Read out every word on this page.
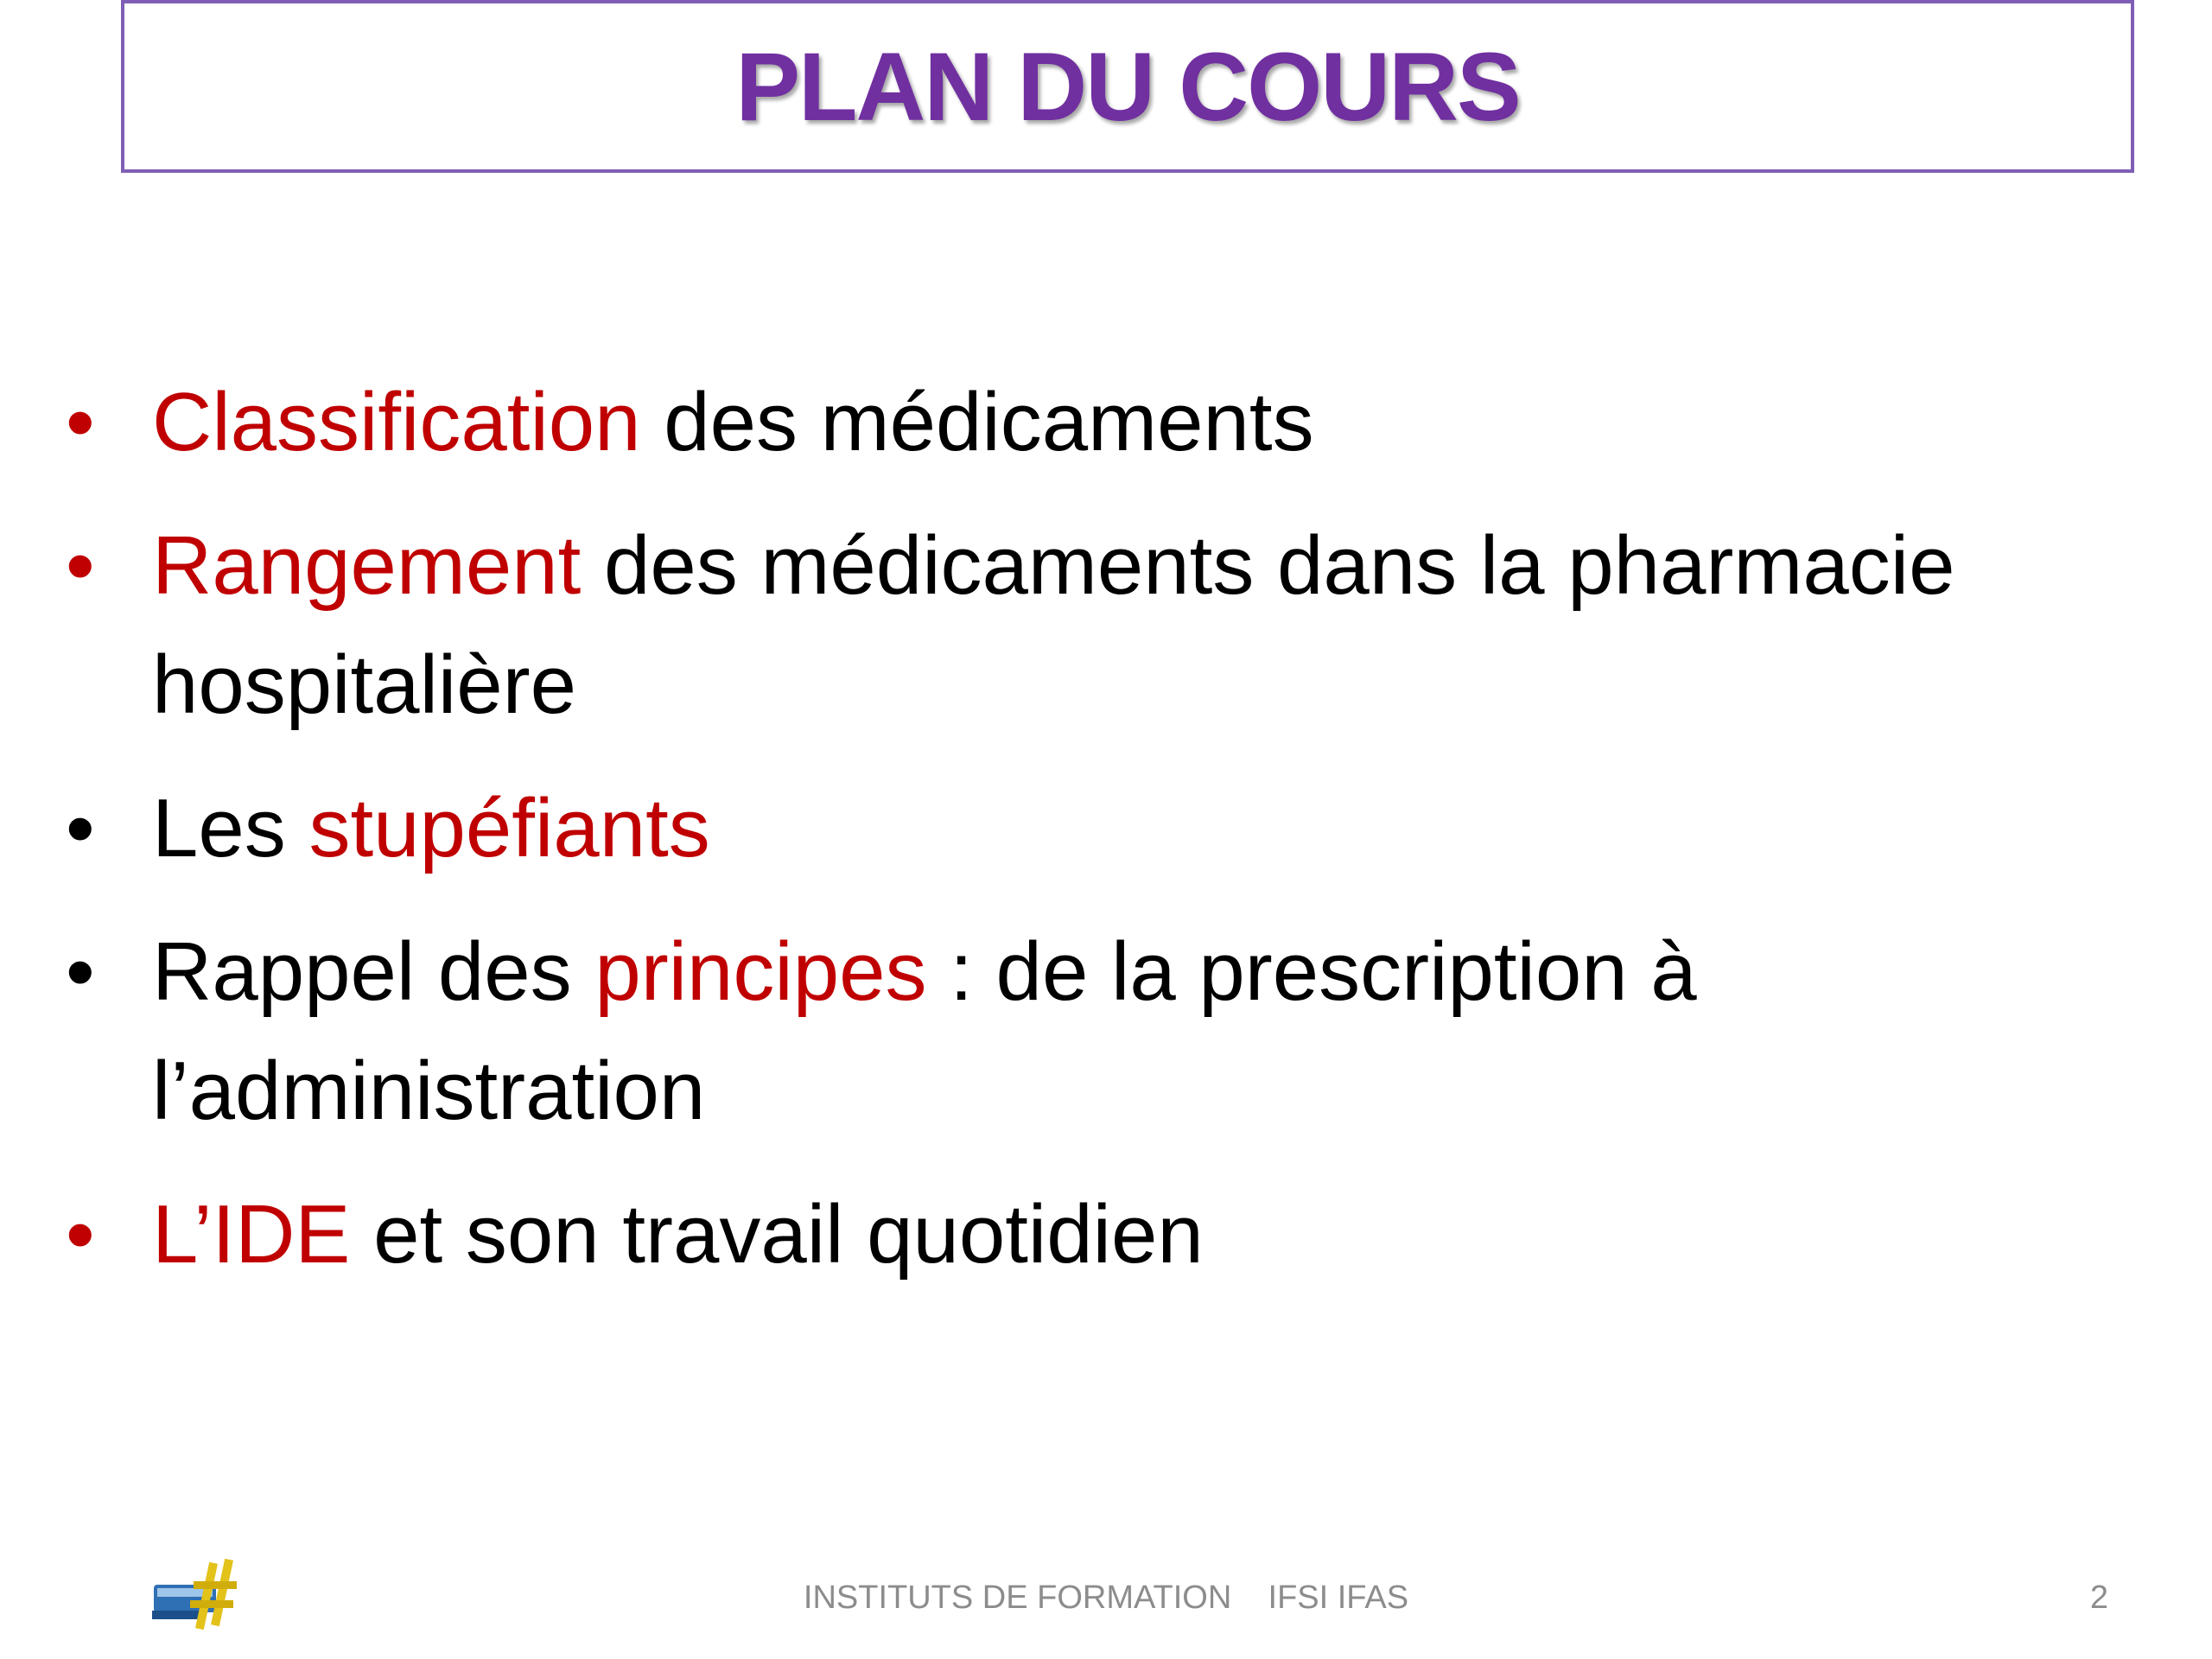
PLAN DU COURS
• Classification des médicaments
• Rangement des médicaments dans la pharmacie hospitalière
• Les stupéfiants
• Rappel des principes : de la prescription à l’administration
• L’IDE et son travail quotidien
INSTITUTS DE FORMATION    IFSI IFAS	2
